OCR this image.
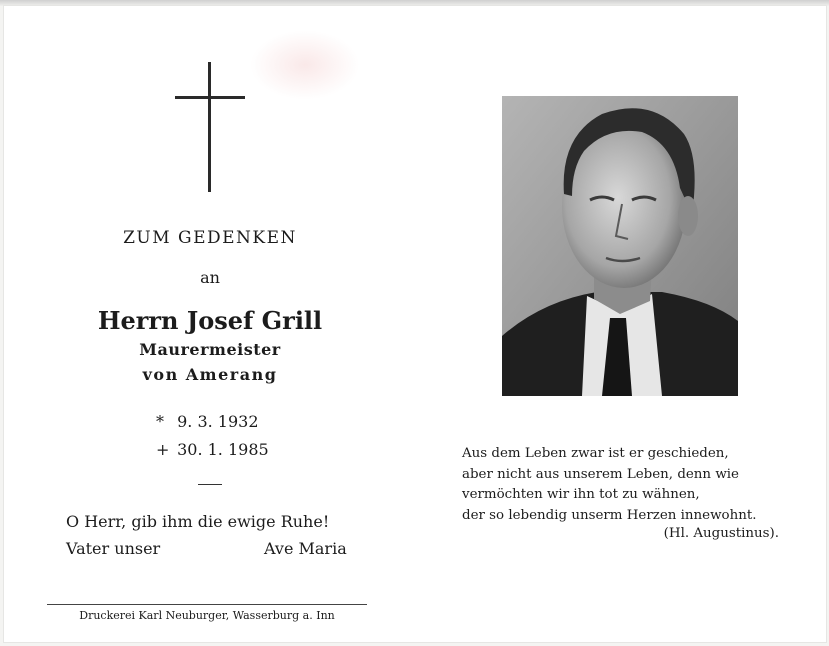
ZUM GEDENKEN
an
Herrn Josef Grill
Maurermeister
von Amerang
* 9. 3. 1932
+ 30. 1. 1985
O Herr, gib ihm die ewige Ruhe!
Vater unser	Ave Maria
Druckerei Karl Neuburger, Wasserburg a. Inn
Aus dem Leben zwar ist er geschieden,
aber nicht aus unserem Leben, denn wie
vermöchten wir ihn tot zu wähnen,
der so lebendig unserm Herzen innewohnt.
(Hl. Augustinus).
